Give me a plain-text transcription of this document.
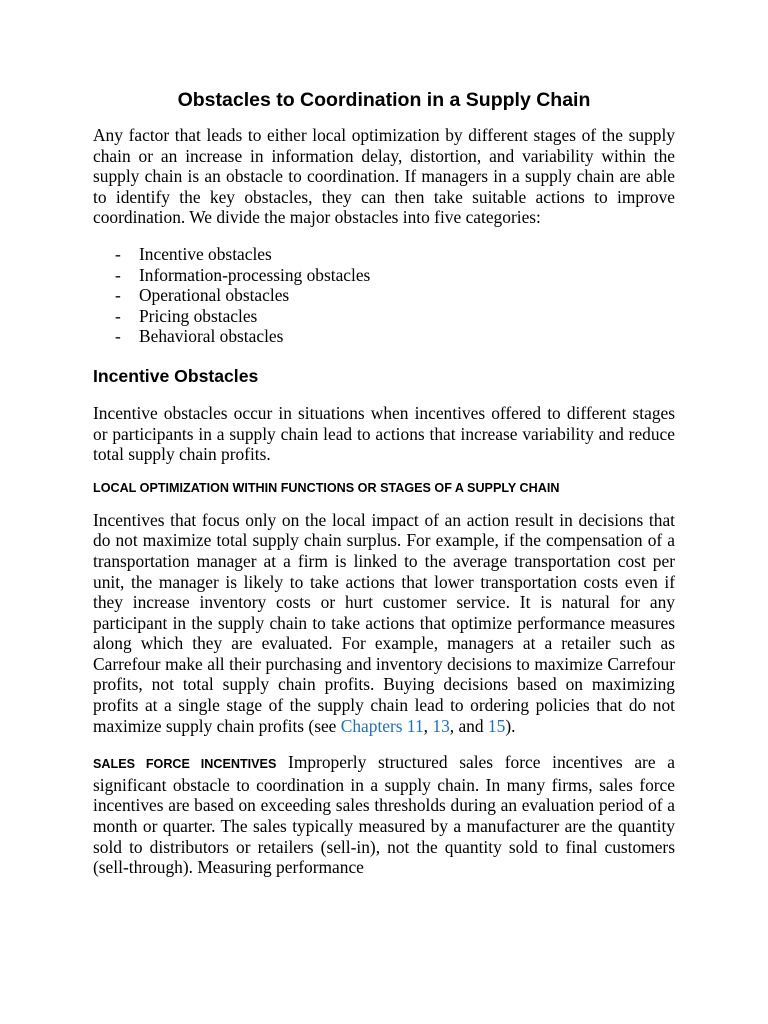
Obstacles to Coordination in a Supply Chain

Any factor that leads to either local optimization by different stages of the supply chain or an increase in information delay, distortion, and variability within the supply chain is an obstacle to coordination. If managers in a supply chain are able to identify the key obstacles, they can then take suitable actions to improve coordination. We divide the major obstacles into five categories:

-	Incentive obstacles
-	Information-processing obstacles
-	Operational obstacles
-	Pricing obstacles
-	Behavioral obstacles
Incentive Obstacles

Incentive obstacles occur in situations when incentives offered to different stages or participants in a supply chain lead to actions that increase variability and reduce total supply chain profits.

LOCAL OPTIMIZATION WITHIN FUNCTIONS OR STAGES OF A SUPPLY CHAIN

Incentives that focus only on the local impact of an action result in decisions that do not maximize total supply chain surplus. For example, if the compensation of a transportation manager at a firm is linked to the average transportation cost per unit, the manager is likely to take actions that lower transportation costs even if they increase inventory costs or hurt customer service. It is natural for any participant in the supply chain to take actions that optimize performance measures along which they are evaluated. For example, managers at a retailer such as Carrefour make all their purchasing and inventory decisions to maximize Carrefour profits, not total supply chain profits. Buying decisions based on maximizing profits at a single stage of the supply chain lead to ordering policies that do not maximize supply chain profits (see Chapters 11, 13, and 15).

SALES FORCE INCENTIVES Improperly structured sales force incentives are a significant obstacle to coordination in a supply chain. In many firms, sales force incentives are based on exceeding sales thresholds during an evaluation period of a month or quarter. The sales typically measured by a manufacturer are the quantity sold to distributors or retailers (sell-in), not the quantity sold to final customers (sell-through). Measuring performance
